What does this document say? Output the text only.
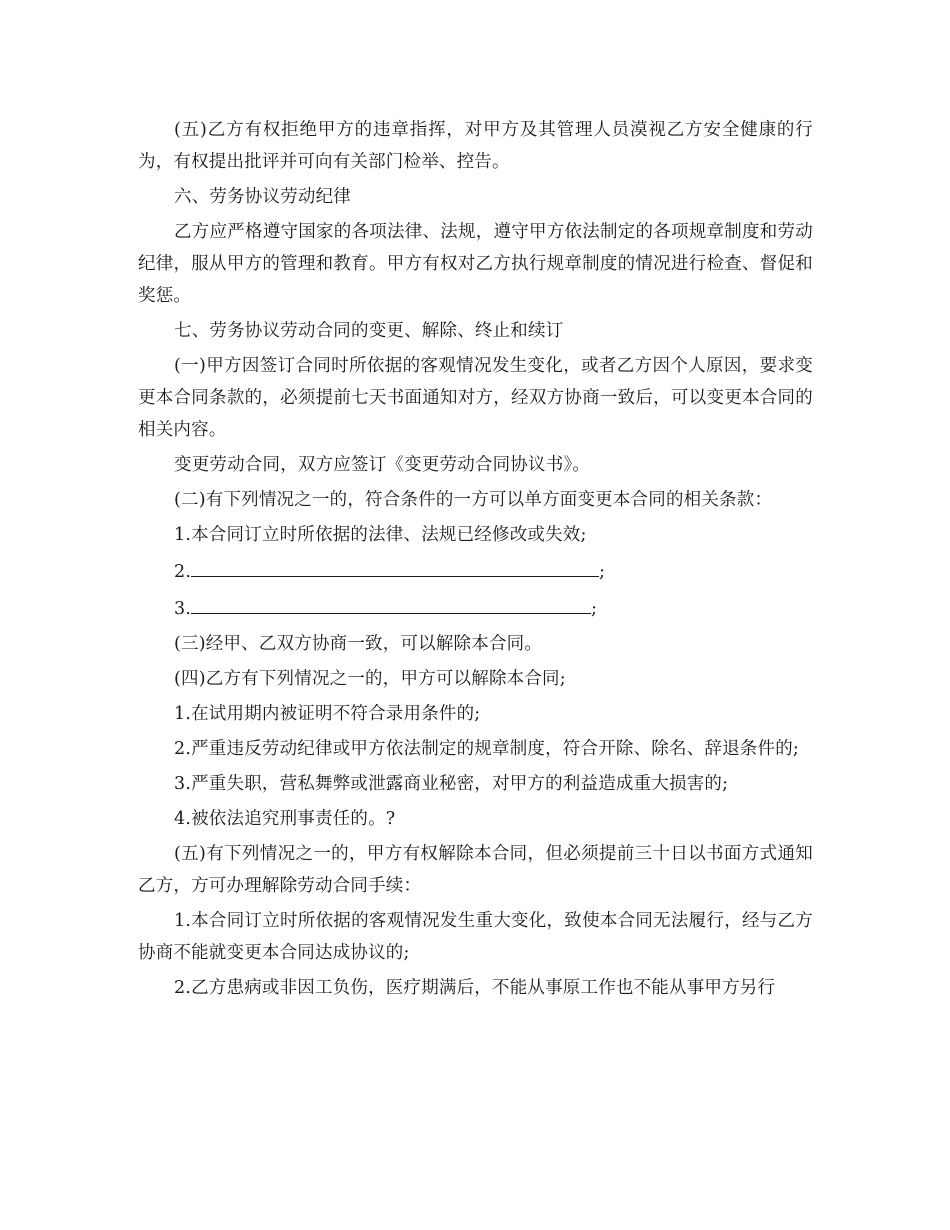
(五)乙方有权拒绝甲方的违章指挥，对甲方及其管理人员漠视乙方安全健康的行为，有权提出批评并可向有关部门检举、控告。

六、劳务协议劳动纪律

乙方应严格遵守国家的各项法律、法规，遵守甲方依法制定的各项规章制度和劳动纪律，服从甲方的管理和教育。甲方有权对乙方执行规章制度的情况进行检查、督促和奖惩。

七、劳务协议劳动合同的变更、解除、终止和续订

(一)甲方因签订合同时所依据的客观情况发生变化，或者乙方因个人原因，要求变更本合同条款的，必须提前七天书面通知对方，经双方协商一致后，可以变更本合同的相关内容。

变更劳动合同，双方应签订《变更劳动合同协议书》。

(二)有下列情况之一的，符合条件的一方可以单方面变更本合同的相关条款：

1.本合同订立时所依据的法律、法规已经修改或失效;

2.	;

3.	;

(三)经甲、乙双方协商一致，可以解除本合同。

(四)乙方有下列情况之一的，甲方可以解除本合同;

1.在试用期内被证明不符合录用条件的;

2.严重违反劳动纪律或甲方依法制定的规章制度，符合开除、除名、辞退条件的;

3.严重失职，营私舞弊或泄露商业秘密，对甲方的利益造成重大损害的;

4.被依法追究刑事责任的。?

(五)有下列情况之一的，甲方有权解除本合同，但必须提前三十日以书面方式通知乙方，方可办理解除劳动合同手续：

1.本合同订立时所依据的客观情况发生重大变化，致使本合同无法履行，经与乙方协商不能就变更本合同达成协议的;

2.乙方患病或非因工负伤，医疗期满后，不能从事原工作也不能从事甲方另行
